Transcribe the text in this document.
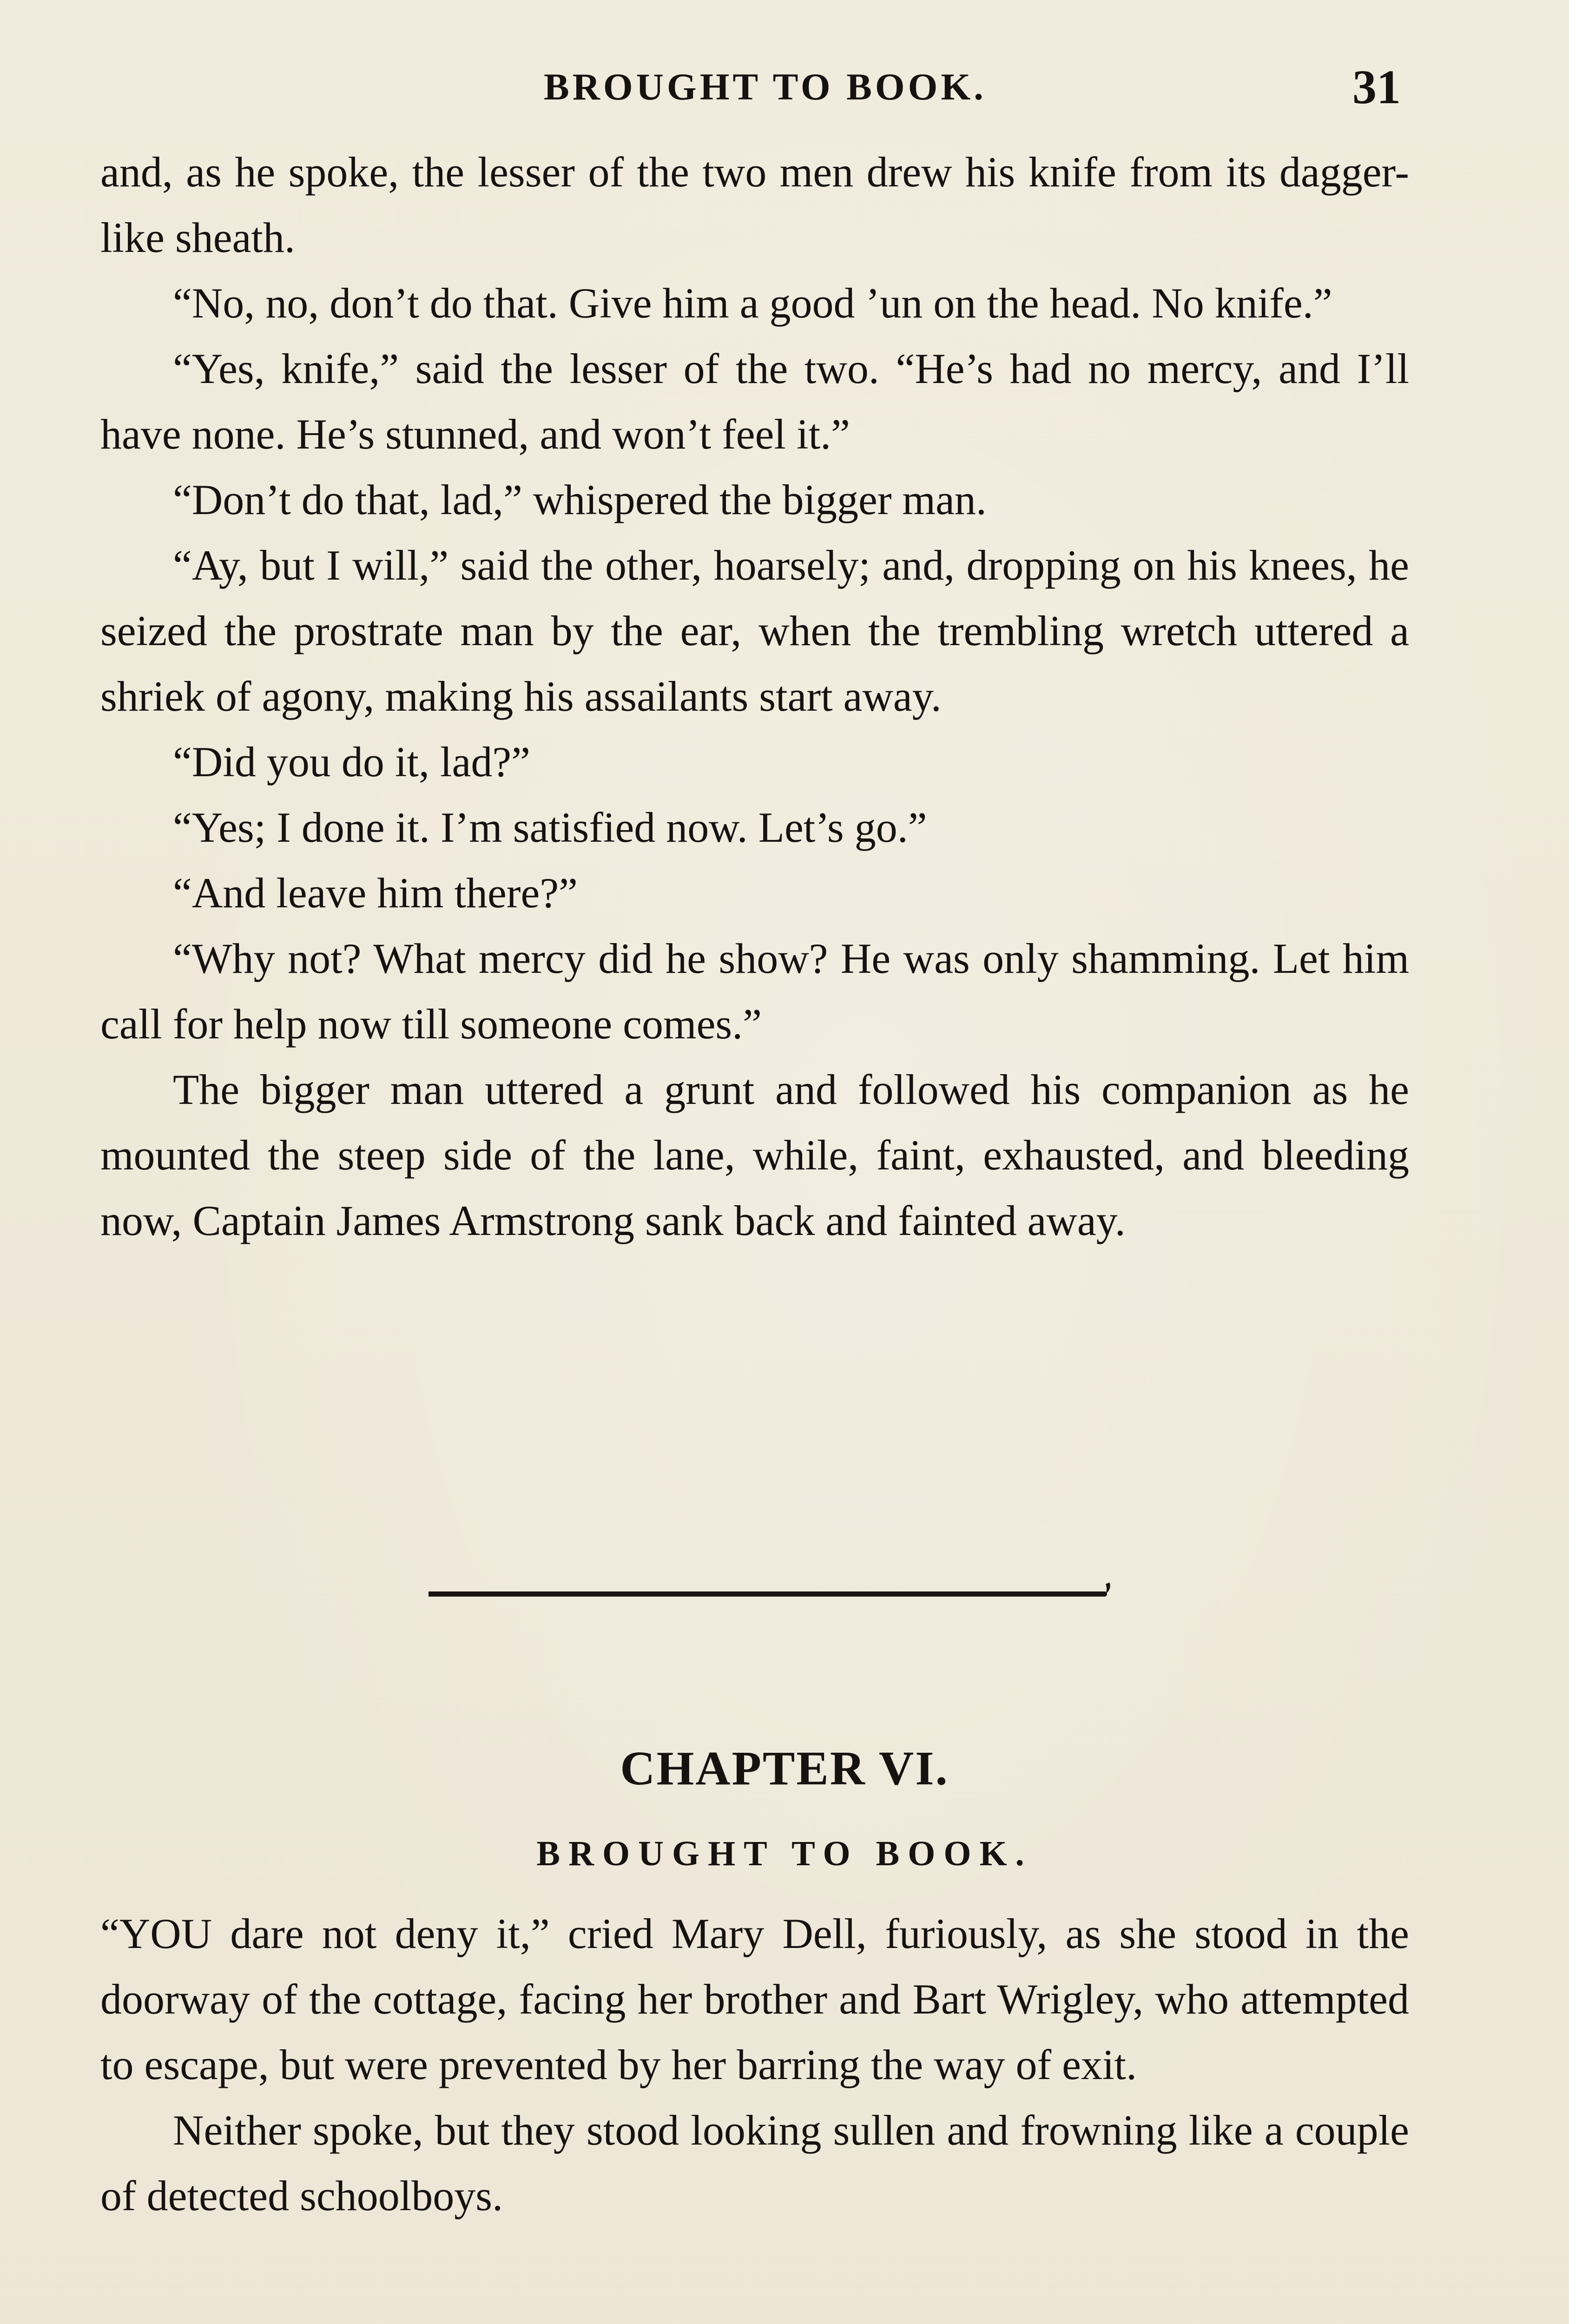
BROUGHT TO BOOK.	31

and, as he spoke, the lesser of the two men drew his knife from its dagger-like sheath.

“No, no, don’t do that. Give him a good ’un on the head. No knife.”

“Yes, knife,” said the lesser of the two. “He’s had no mercy, and I’ll have none. He’s stunned, and won’t feel it.”

“Don’t do that, lad,” whispered the bigger man.

“Ay, but I will,” said the other, hoarsely; and, dropping on his knees, he seized the prostrate man by the ear, when the trembling wretch uttered a shriek of agony, making his assailants start away.

“Did you do it, lad?”

“Yes; I done it. I’m satisfied now. Let’s go.”

“And leave him there?”

“Why not? What mercy did he show? He was only shamming. Let him call for help now till someone comes.”

The bigger man uttered a grunt and followed his companion as he mounted the steep side of the lane, while, faint, exhausted, and bleeding now, Captain James Armstrong sank back and fainted away.

CHAPTER VI.
BROUGHT TO BOOK.

“YOU dare not deny it,” cried Mary Dell, furiously, as she stood in the doorway of the cottage, facing her brother and Bart Wrigley, who attempted to escape, but were prevented by her barring the way of exit.

Neither spoke, but they stood looking sullen and frowning like a couple of detected schoolboys.
